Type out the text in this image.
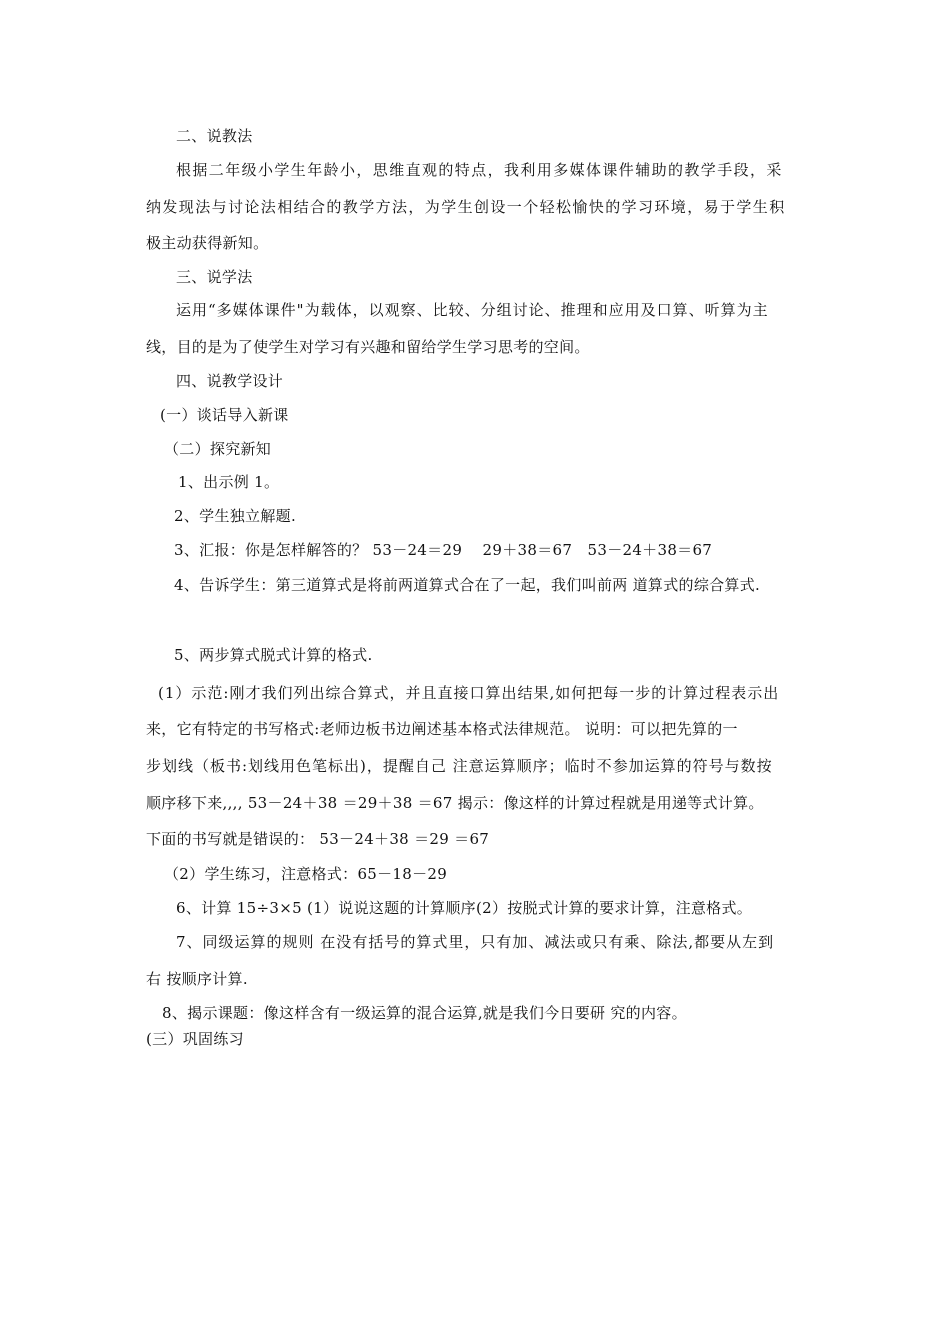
二、说教法
根据二年级小学生年龄小，思维直观的特点，我利用多媒体课件辅助的教学手段，采
纳发现法与讨论法相结合的教学方法，为学生创设一个轻松愉快的学习环境，易于学生积
极主动获得新知。
三、说学法
运用“多媒体课件"为载体，以观察、比较、分组讨论、推理和应用及口算、听算为主
线，目的是为了使学生对学习有兴趣和留给学生学习思考的空间。
四、说教学设计
(一）谈话导入新课
（二）探究新知
1、出示例 1。
2、学生独立解题.
3、汇报：你是怎样解答的？ 53－24＝29　 29＋38＝67　53－24＋38＝67
4、告诉学生：第三道算式是将前两道算式合在了一起，我们叫前两 道算式的综合算式.
5、两步算式脱式计算的格式.
(1）示范:刚才我们列出综合算式，并且直接口算出结果,如何把每一步的计算过程表示出
来，它有特定的书写格式:老师边板书边阐述基本格式法律规范。 说明：可以把先算的一
步划线（板书:划线用色笔标出)，提醒自己 注意运算顺序；临时不参加运算的符号与数按
顺序移下来,,,, 53－24＋38 ＝29＋38 ＝67 揭示：像这样的计算过程就是用递等式计算。
下面的书写就是错误的： 53－24＋38 ＝29 ＝67
（2）学生练习，注意格式：65－18－29
6、计算 15÷3×5 (1）说说这题的计算顺序(2）按脱式计算的要求计算，注意格式。
7、同级运算的规则 在没有括号的算式里，只有加、减法或只有乘、除法,都要从左到
右 按顺序计算.
8、揭示课题：像这样含有一级运算的混合运算,就是我们今日要研 究的内容。
(三）巩固练习
